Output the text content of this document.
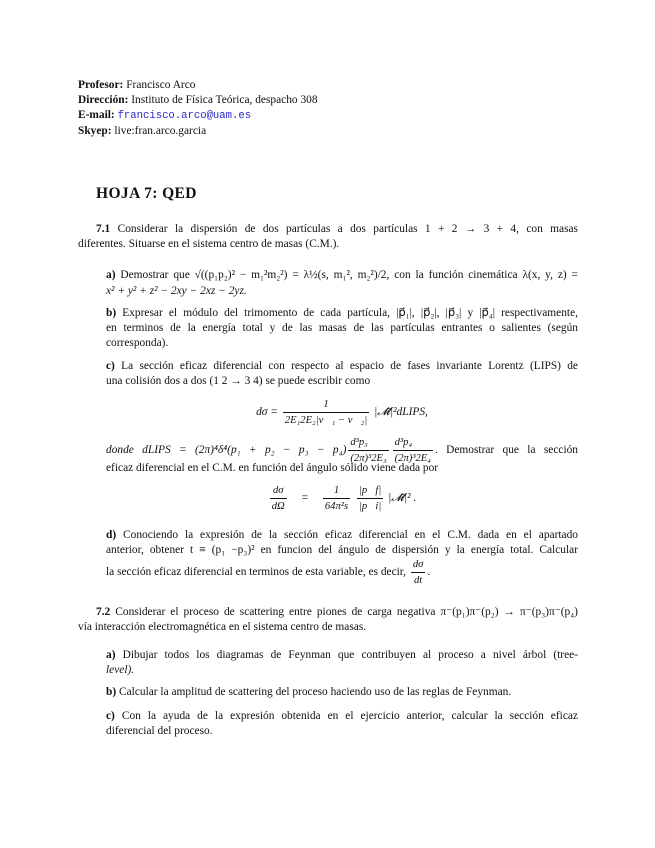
Profesor: Francisco Arco
Dirección: Instituto de Física Teórica, despacho 308
E-mail: francisco.arco@uam.es
Skyep: live:fran.arco.garcia
HOJA 7: QED
7.1 Considerar la dispersión de dos partículas a dos partículas 1 + 2 → 3 + 4, con masas
diferentes. Situarse en el sistema centro de masas (C.M.).
a) Demostrar que √((p₁p₂)² − m₁²m₂²) = λ½(s, m₁², m₂²)/2, con la función cinemática λ(x, y, z) =
x² + y² + z² − 2xy − 2xz − 2yz.
b) Expresar el módulo del trimomento de cada partícula, |p⃗₁|, |p⃗₂|, |p⃗₃| y |p⃗₄| respectivamente,
en terminos de la energía total y de las masas de las partículas entrantes o salientes (según
corresponda).
c) La sección eficaz diferencial con respecto al espacio de fases invariante Lorentz (LIPS) de
una colisión dos a dos (1 2 → 3 4) se puede escribir como
$d\sigma = \frac{1}{\text{2E₁2E₂|v⃗₁ − v⃗₂|}}$ |𝓜̄|²dLIPS,
donde dLIPS = $(2\pi)^4\delta^4(p_1 + p_2 - p_3 - p_4) \frac{\text{d³p₃}}{\text{(2π)³2E₃}} \frac{\text{d³p₄}}{\text{(2π)³2E₄}}$ . Demostrar que la sección
eficaz diferencial en el C.M. en función del ángulo sólido viene dada por
$\frac{d\sigma}{d\Omega} = \frac{1}{\text{64π²s}}$
$\frac{|p⃗f|}{|p⃗i|}$ |𝓜̄|² .
d) Conociendo la expresión de la sección eficaz diferencial en el C.M. dada en el apartado
anterior, obtener t ≡ (p₁ −p₃)² en funcion del ángulo de dispersión y la energía total. Calcular
la sección eficaz diferencial en terminos de esta variable, es decir, $\frac{d\sigma}{dt}$ .
7.2 Considerar el proceso de scattering entre piones de carga negativa π⁻(p₁)π⁻(p₂) → π⁻(p₃)π⁻(p₄)
vía interacción electromagnética en el sistema centro de masas.
a) Dibujar todos los diagramas de Feynman que contribuyen al proceso a nivel árbol (tree-
level).
b) Calcular la amplitud de scattering del proceso haciendo uso de las reglas de Feynman.
c) Con la ayuda de la expresión obtenida en el ejercicio anterior, calcular la sección eficaz
diferencial del proceso.
